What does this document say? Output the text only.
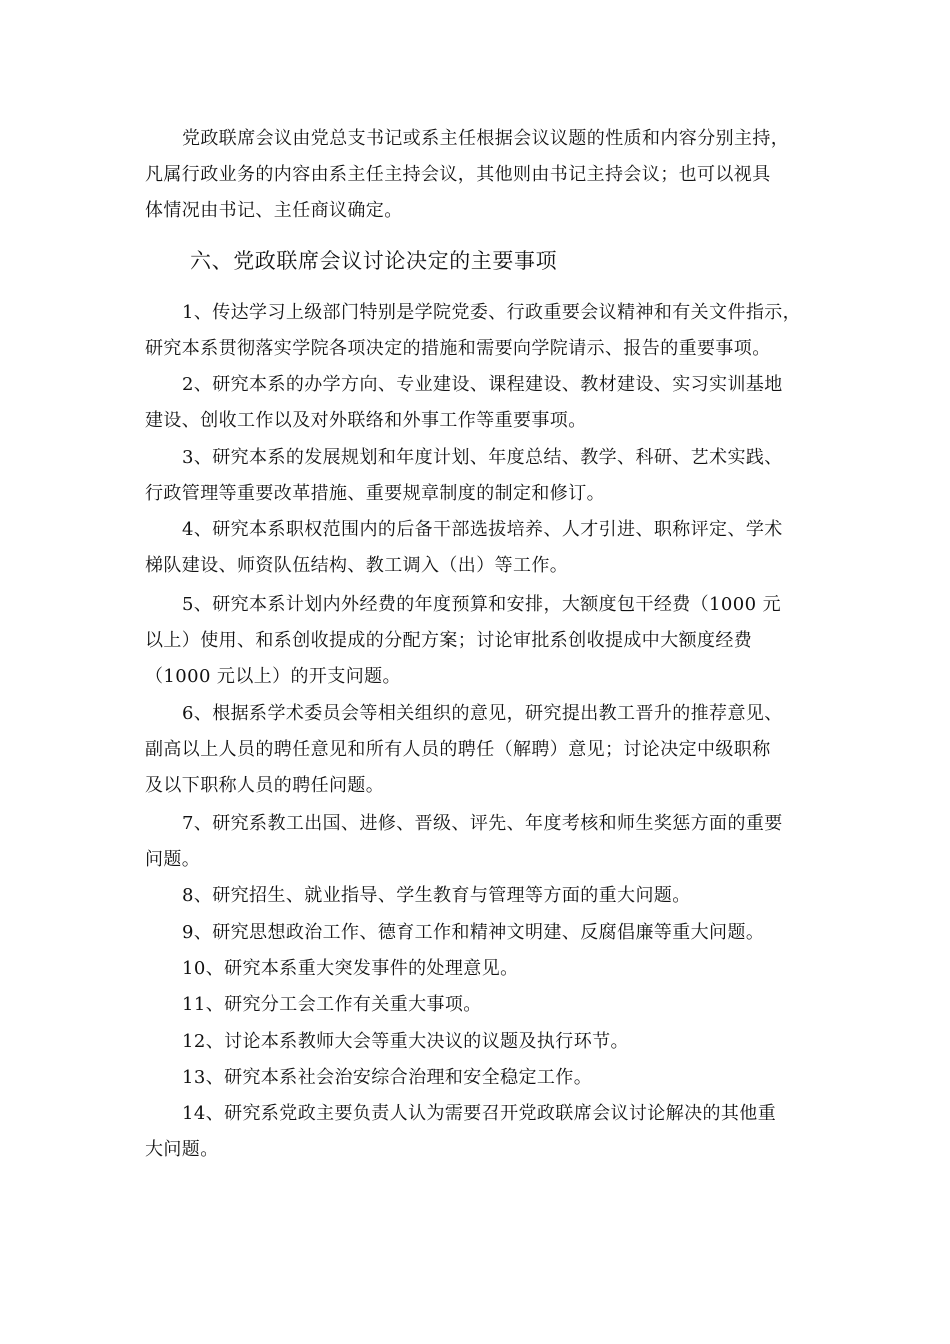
党政联席会议由党总支书记或系主任根据会议议题的性质和内容分别主持，
凡属行政业务的内容由系主任主持会议，其他则由书记主持会议；也可以视具
体情况由书记、主任商议确定。
六、党政联席会议讨论决定的主要事项
1、传达学习上级部门特别是学院党委、行政重要会议精神和有关文件指示，
研究本系贯彻落实学院各项决定的措施和需要向学院请示、报告的重要事项。
2、研究本系的办学方向、专业建设、课程建设、教材建设、实习实训基地
建设、创收工作以及对外联络和外事工作等重要事项。
3、研究本系的发展规划和年度计划、年度总结、教学、科研、艺术实践、
行政管理等重要改革措施、重要规章制度的制定和修订。
4、研究本系职权范围内的后备干部选拔培养、人才引进、职称评定、学术
梯队建设、师资队伍结构、教工调入（出）等工作。
5、研究本系计划内外经费的年度预算和安排，大额度包干经费（1000 元
以上）使用、和系创收提成的分配方案；讨论审批系创收提成中大额度经费
（1000 元以上）的开支问题。
6、根据系学术委员会等相关组织的意见，研究提出教工晋升的推荐意见、
副高以上人员的聘任意见和所有人员的聘任（解聘）意见；讨论决定中级职称
及以下职称人员的聘任问题。
7、研究系教工出国、进修、晋级、评先、年度考核和师生奖惩方面的重要
问题。
8、研究招生、就业指导、学生教育与管理等方面的重大问题。
9、研究思想政治工作、德育工作和精神文明建、反腐倡廉等重大问题。
10、研究本系重大突发事件的处理意见。
11、研究分工会工作有关重大事项。
12、讨论本系教师大会等重大决议的议题及执行环节。
13、研究本系社会治安综合治理和安全稳定工作。
14、研究系党政主要负责人认为需要召开党政联席会议讨论解决的其他重
大问题。
